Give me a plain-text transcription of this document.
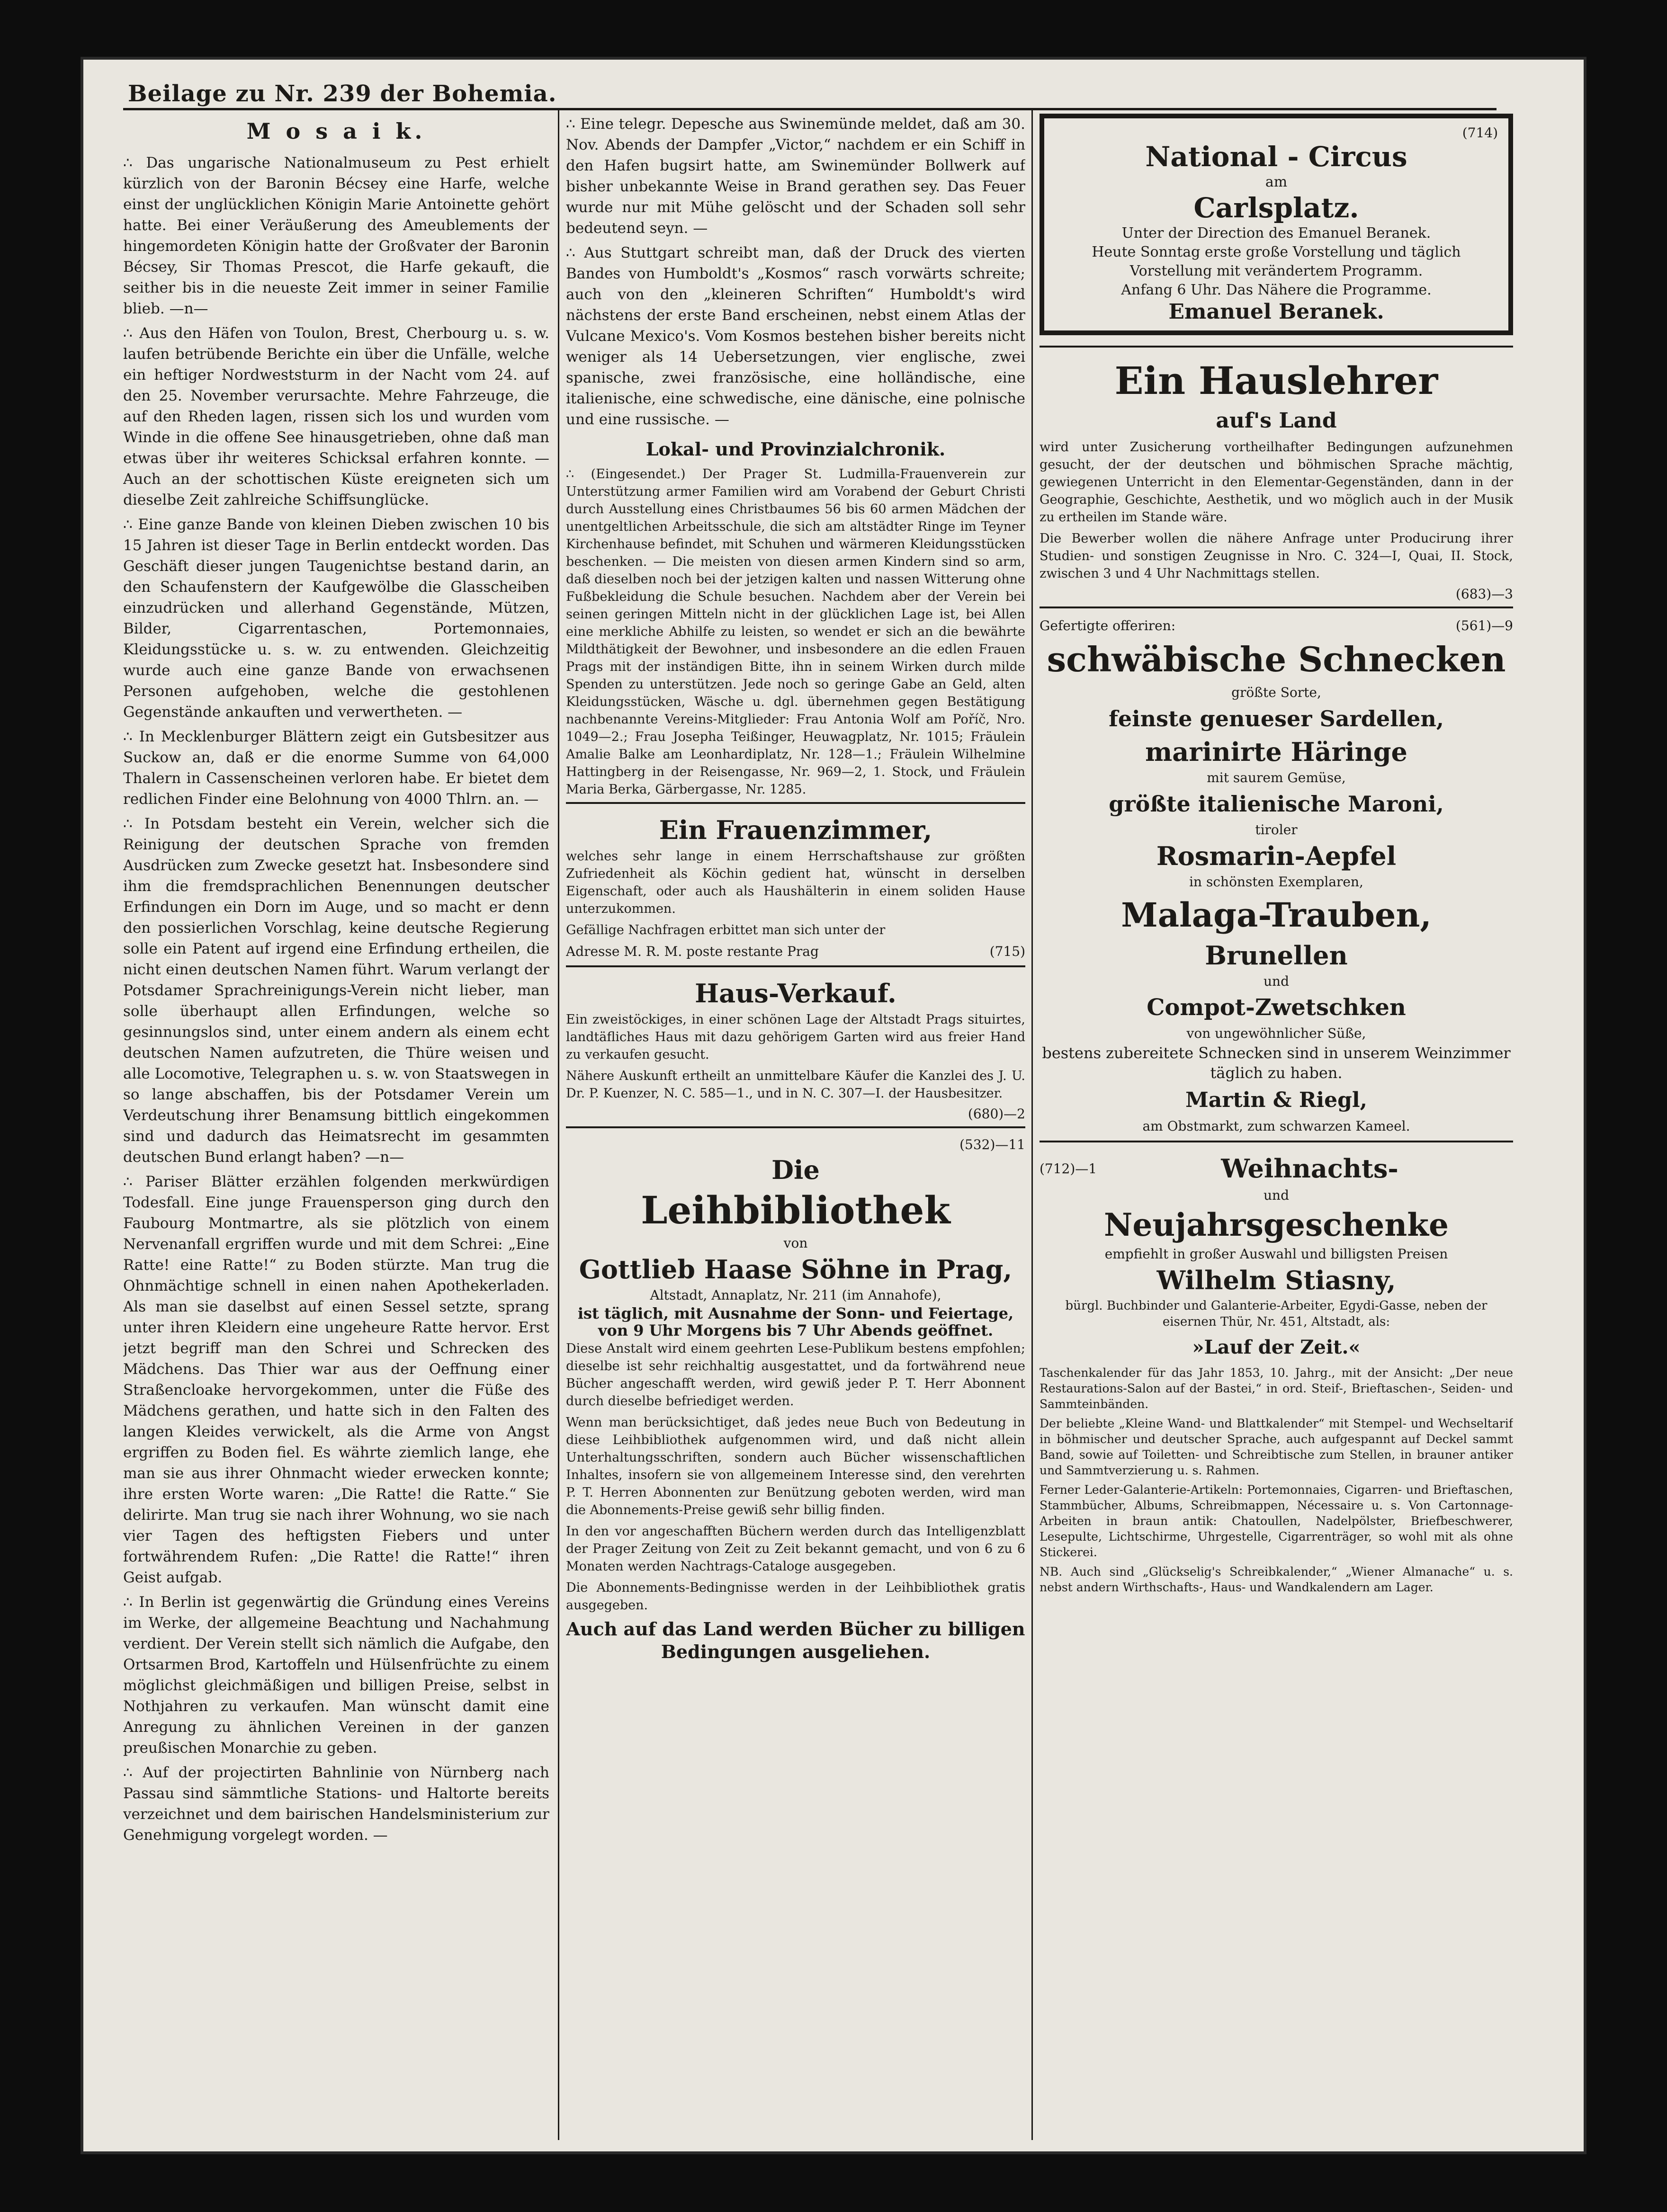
Beilage zu Nr. 239 der Bohemia.
M o s a i k.

∴ Das ungarische Nationalmuseum zu Pest erhielt kürzlich von der Baronin Bécsey eine Harfe, welche einst der unglücklichen Königin Marie Antoinette gehört hatte. Bei einer Veräußerung des Ameublements der hingemordeten Königin hatte der Großvater der Baronin Bécsey, Sir Thomas Prescot, die Harfe gekauft, die seither bis in die neueste Zeit immer in seiner Familie blieb. —n—

∴ Aus den Häfen von Toulon, Brest, Cherbourg u. s. w. laufen betrübende Berichte ein über die Unfälle, welche ein heftiger Nordweststurm in der Nacht vom 24. auf den 25. November verursachte. Mehre Fahrzeuge, die auf den Rheden lagen, rissen sich los und wurden vom Winde in die offene See hinausgetrieben, ohne daß man etwas über ihr weiteres Schicksal erfahren konnte. — Auch an der schottischen Küste ereigneten sich um dieselbe Zeit zahlreiche Schiffsunglücke.

∴ Eine ganze Bande von kleinen Dieben zwischen 10 bis 15 Jahren ist dieser Tage in Berlin entdeckt worden. Das Geschäft dieser jungen Taugenichtse bestand darin, an den Schaufenstern der Kaufgewölbe die Glasscheiben einzudrücken und allerhand Gegenstände, Mützen, Bilder, Cigarrentaschen, Portemonnaies, Kleidungsstücke u. s. w. zu entwenden. Gleichzeitig wurde auch eine ganze Bande von erwachsenen Personen aufgehoben, welche die gestohlenen Gegenstände ankauften und verwertheten. —

∴ In Mecklenburger Blättern zeigt ein Gutsbesitzer aus Suckow an, daß er die enorme Summe von 64,000 Thalern in Cassenscheinen verloren habe. Er bietet dem redlichen Finder eine Belohnung von 4000 Thlrn. an. —

∴ In Potsdam besteht ein Verein, welcher sich die Reinigung der deutschen Sprache von fremden Ausdrücken zum Zwecke gesetzt hat. Insbesondere sind ihm die fremdsprachlichen Benennungen deutscher Erfindungen ein Dorn im Auge, und so macht er denn den possierlichen Vorschlag, keine deutsche Regierung solle ein Patent auf irgend eine Erfindung ertheilen, die nicht einen deutschen Namen führt. Warum verlangt der Potsdamer Sprachreinigungs-Verein nicht lieber, man solle überhaupt allen Erfindungen, welche so gesinnungslos sind, unter einem andern als einem echt deutschen Namen aufzutreten, die Thüre weisen und alle Locomotive, Telegraphen u. s. w. von Staatswegen in so lange abschaffen, bis der Potsdamer Verein um Verdeutschung ihrer Benamsung bittlich eingekommen sind und dadurch das Heimatsrecht im gesammten deutschen Bund erlangt haben? —n—

∴ Pariser Blätter erzählen folgenden merkwürdigen Todesfall. Eine junge Frauensperson ging durch den Faubourg Montmartre, als sie plötzlich von einem Nervenanfall ergriffen wurde und mit dem Schrei: „Eine Ratte! eine Ratte!“ zu Boden stürzte. Man trug die Ohnmächtige schnell in einen nahen Apothekerladen. Als man sie daselbst auf einen Sessel setzte, sprang unter ihren Kleidern eine ungeheure Ratte hervor. Erst jetzt begriff man den Schrei und Schrecken des Mädchens. Das Thier war aus der Oeffnung einer Straßencloake hervorgekommen, unter die Füße des Mädchens gerathen, und hatte sich in den Falten des langen Kleides verwickelt, als die Arme von Angst ergriffen zu Boden fiel. Es währte ziemlich lange, ehe man sie aus ihrer Ohnmacht wieder erwecken konnte; ihre ersten Worte waren: „Die Ratte! die Ratte.“ Sie delirirte. Man trug sie nach ihrer Wohnung, wo sie nach vier Tagen des heftigsten Fiebers und unter fortwährendem Rufen: „Die Ratte! die Ratte!“ ihren Geist aufgab.

∴ In Berlin ist gegenwärtig die Gründung eines Vereins im Werke, der allgemeine Beachtung und Nachahmung verdient. Der Verein stellt sich nämlich die Aufgabe, den Ortsarmen Brod, Kartoffeln und Hülsenfrüchte zu einem möglichst gleichmäßigen und billigen Preise, selbst in Nothjahren zu verkaufen. Man wünscht damit eine Anregung zu ähnlichen Vereinen in der ganzen preußischen Monarchie zu geben.

∴ Auf der projectirten Bahnlinie von Nürnberg nach Passau sind sämmtliche Stations- und Haltorte bereits verzeichnet und dem bairischen Handelsministerium zur Genehmigung vorgelegt worden. —

∴ Eine telegr. Depesche aus Swinemünde meldet, daß am 30. Nov. Abends der Dampfer „Victor,“ nachdem er ein Schiff in den Hafen bugsirt hatte, am Swinemünder Bollwerk auf bisher unbekannte Weise in Brand gerathen sey. Das Feuer wurde nur mit Mühe gelöscht und der Schaden soll sehr bedeutend seyn. —

∴ Aus Stuttgart schreibt man, daß der Druck des vierten Bandes von Humboldt's „Kosmos“ rasch vorwärts schreite; auch von den „kleineren Schriften“ Humboldt's wird nächstens der erste Band erscheinen, nebst einem Atlas der Vulcane Mexico's. Vom Kosmos bestehen bisher bereits nicht weniger als 14 Uebersetzungen, vier englische, zwei spanische, zwei französische, eine holländische, eine italienische, eine schwedische, eine dänische, eine polnische und eine russische. —

Lokal- und Provinzialchronik.

∴ (Eingesendet.) Der Prager St. Ludmilla-Frauenverein zur Unterstützung armer Familien wird am Vorabend der Geburt Christi durch Ausstellung eines Christbaumes 56 bis 60 armen Mädchen der unentgeltlichen Arbeitsschule, die sich am altstädter Ringe im Teyner Kirchenhause befindet, mit Schuhen und wärmeren Kleidungsstücken beschenken. — Die meisten von diesen armen Kindern sind so arm, daß dieselben noch bei der jetzigen kalten und nassen Witterung ohne Fußbekleidung die Schule besuchen. Nachdem aber der Verein bei seinen geringen Mitteln nicht in der glücklichen Lage ist, bei Allen eine merkliche Abhilfe zu leisten, so wendet er sich an die bewährte Mildthätigkeit der Bewohner, und insbesondere an die edlen Frauen Prags mit der inständigen Bitte, ihn in seinem Wirken durch milde Spenden zu unterstützen. Jede noch so geringe Gabe an Geld, alten Kleidungsstücken, Wäsche u. dgl. übernehmen gegen Bestätigung nachbenannte Vereins-Mitglieder: Frau Antonia Wolf am Poříč, Nro. 1049—2.; Frau Josepha Teißinger, Heuwagplatz, Nr. 1015; Fräulein Amalie Balke am Leonhardiplatz, Nr. 128—1.; Fräulein Wilhelmine Hattingberg in der Reisengasse, Nr. 969—2, 1. Stock, und Fräulein Maria Berka, Gärbergasse, Nr. 1285.

Ein Frauenzimmer,

welches sehr lange in einem Herrschaftshause zur größten Zufriedenheit als Köchin gedient hat, wünscht in derselben Eigenschaft, oder auch als Haushälterin in einem soliden Hause unterzukommen.

Gefällige Nachfragen erbittet man sich unter der

Adresse M. R. M. poste restante Prag	(715)
Haus-Verkauf.

Ein zweistöckiges, in einer schönen Lage der Altstadt Prags situirtes, landtäfliches Haus mit dazu gehörigem Garten wird aus freier Hand zu verkaufen gesucht.

Nähere Auskunft ertheilt an unmittelbare Käufer die Kanzlei des J. U. Dr. P. Kuenzer, N. C. 585—1., und in N. C. 307—I. der Hausbesitzer.

(680)—2
(532)—11
Die
Leihbibliothek
von
Gottlieb Haase Söhne in Prag,
Altstadt, Annaplatz, Nr. 211 (im Annahofe),
ist täglich, mit Ausnahme der Sonn- und Feiertage, von 9 Uhr Morgens bis 7 Uhr Abends geöffnet.

Diese Anstalt wird einem geehrten Lese-Publikum bestens empfohlen; dieselbe ist sehr reichhaltig ausgestattet, und da fortwährend neue Bücher angeschafft werden, wird gewiß jeder P. T. Herr Abonnent durch dieselbe befriediget werden.

Wenn man berücksichtiget, daß jedes neue Buch von Bedeutung in diese Leihbibliothek aufgenommen wird, und daß nicht allein Unterhaltungsschriften, sondern auch Bücher wissenschaftlichen Inhaltes, insofern sie von allgemeinem Interesse sind, den verehrten P. T. Herren Abonnenten zur Benützung geboten werden, wird man die Abonnements-Preise gewiß sehr billig finden.

In den vor angeschafften Büchern werden durch das Intelligenzblatt der Prager Zeitung von Zeit zu Zeit bekannt gemacht, und von 6 zu 6 Monaten werden Nachtrags-Cataloge ausgegeben.

Die Abonnements-Bedingnisse werden in der Leihbibliothek gratis ausgegeben.

Auch auf das Land werden Bücher zu billigen Bedingungen ausgeliehen.
(714)
National - Circus

am

Carlsplatz.

Unter der Direction des Emanuel Beranek.

Heute Sonntag erste große Vorstellung und täglich Vorstellung mit verändertem Programm.

Anfang 6 Uhr. Das Nähere die Programme.

Emanuel Beranek.
Ein Hauslehrer
auf's Land

wird unter Zusicherung vortheilhafter Bedingungen aufzunehmen gesucht, der der deutschen und böhmischen Sprache mächtig, gewiegenen Unterricht in den Elementar-Gegenständen, dann in der Geographie, Geschichte, Aesthetik, und wo möglich auch in der Musik zu ertheilen im Stande wäre.

Die Bewerber wollen die nähere Anfrage unter Producirung ihrer Studien- und sonstigen Zeugnisse in Nro. C. 324—I, Quai, II. Stock, zwischen 3 und 4 Uhr Nachmittags stellen.

(683)—3
Gefertigte offeriren:	(561)—9
schwäbische Schnecken
größte Sorte,
feinste genueser Sardellen,
marinirte Häringe
mit saurem Gemüse,
größte italienische Maroni,
tiroler
Rosmarin-Aepfel
in schönsten Exemplaren,
Malaga-Trauben,
Brunellen
und
Compot-Zwetschken
von ungewöhnlicher Süße,
bestens zubereitete Schnecken sind in unserem Weinzimmer täglich zu haben.
Martin & Riegl,
am Obstmarkt, zum schwarzen Kameel.
(712)—1	Weihnachts-
und
Neujahrsgeschenke
empfiehlt in großer Auswahl und billigsten Preisen
Wilhelm Stiasny,
bürgl. Buchbinder und Galanterie-Arbeiter, Egydi-Gasse, neben der eisernen Thür, Nr. 451, Altstadt, als:
»Lauf der Zeit.«

Taschenkalender für das Jahr 1853, 10. Jahrg., mit der Ansicht: „Der neue Restaurations-Salon auf der Bastei,“ in ord. Steif-, Brieftaschen-, Seiden- und Sammteinbänden.

Der beliebte „Kleine Wand- und Blattkalender“ mit Stempel- und Wechseltarif in böhmischer und deutscher Sprache, auch aufgespannt auf Deckel sammt Band, sowie auf Toiletten- und Schreibtische zum Stellen, in brauner antiker und Sammtverzierung u. s. Rahmen.

Ferner Leder-Galanterie-Artikeln: Portemonnaies, Cigarren- und Brieftaschen, Stammbücher, Albums, Schreibmappen, Nécessaire u. s. Von Cartonnage-Arbeiten in braun antik: Chatoullen, Nadelpölster, Briefbeschwerer, Lesepulte, Lichtschirme, Uhrgestelle, Cigarrenträger, so wohl mit als ohne Stickerei.

NB. Auch sind „Glückselig's Schreibkalender,“ „Wiener Almanache“ u. s. nebst andern Wirthschafts-, Haus- und Wandkalendern am Lager.
